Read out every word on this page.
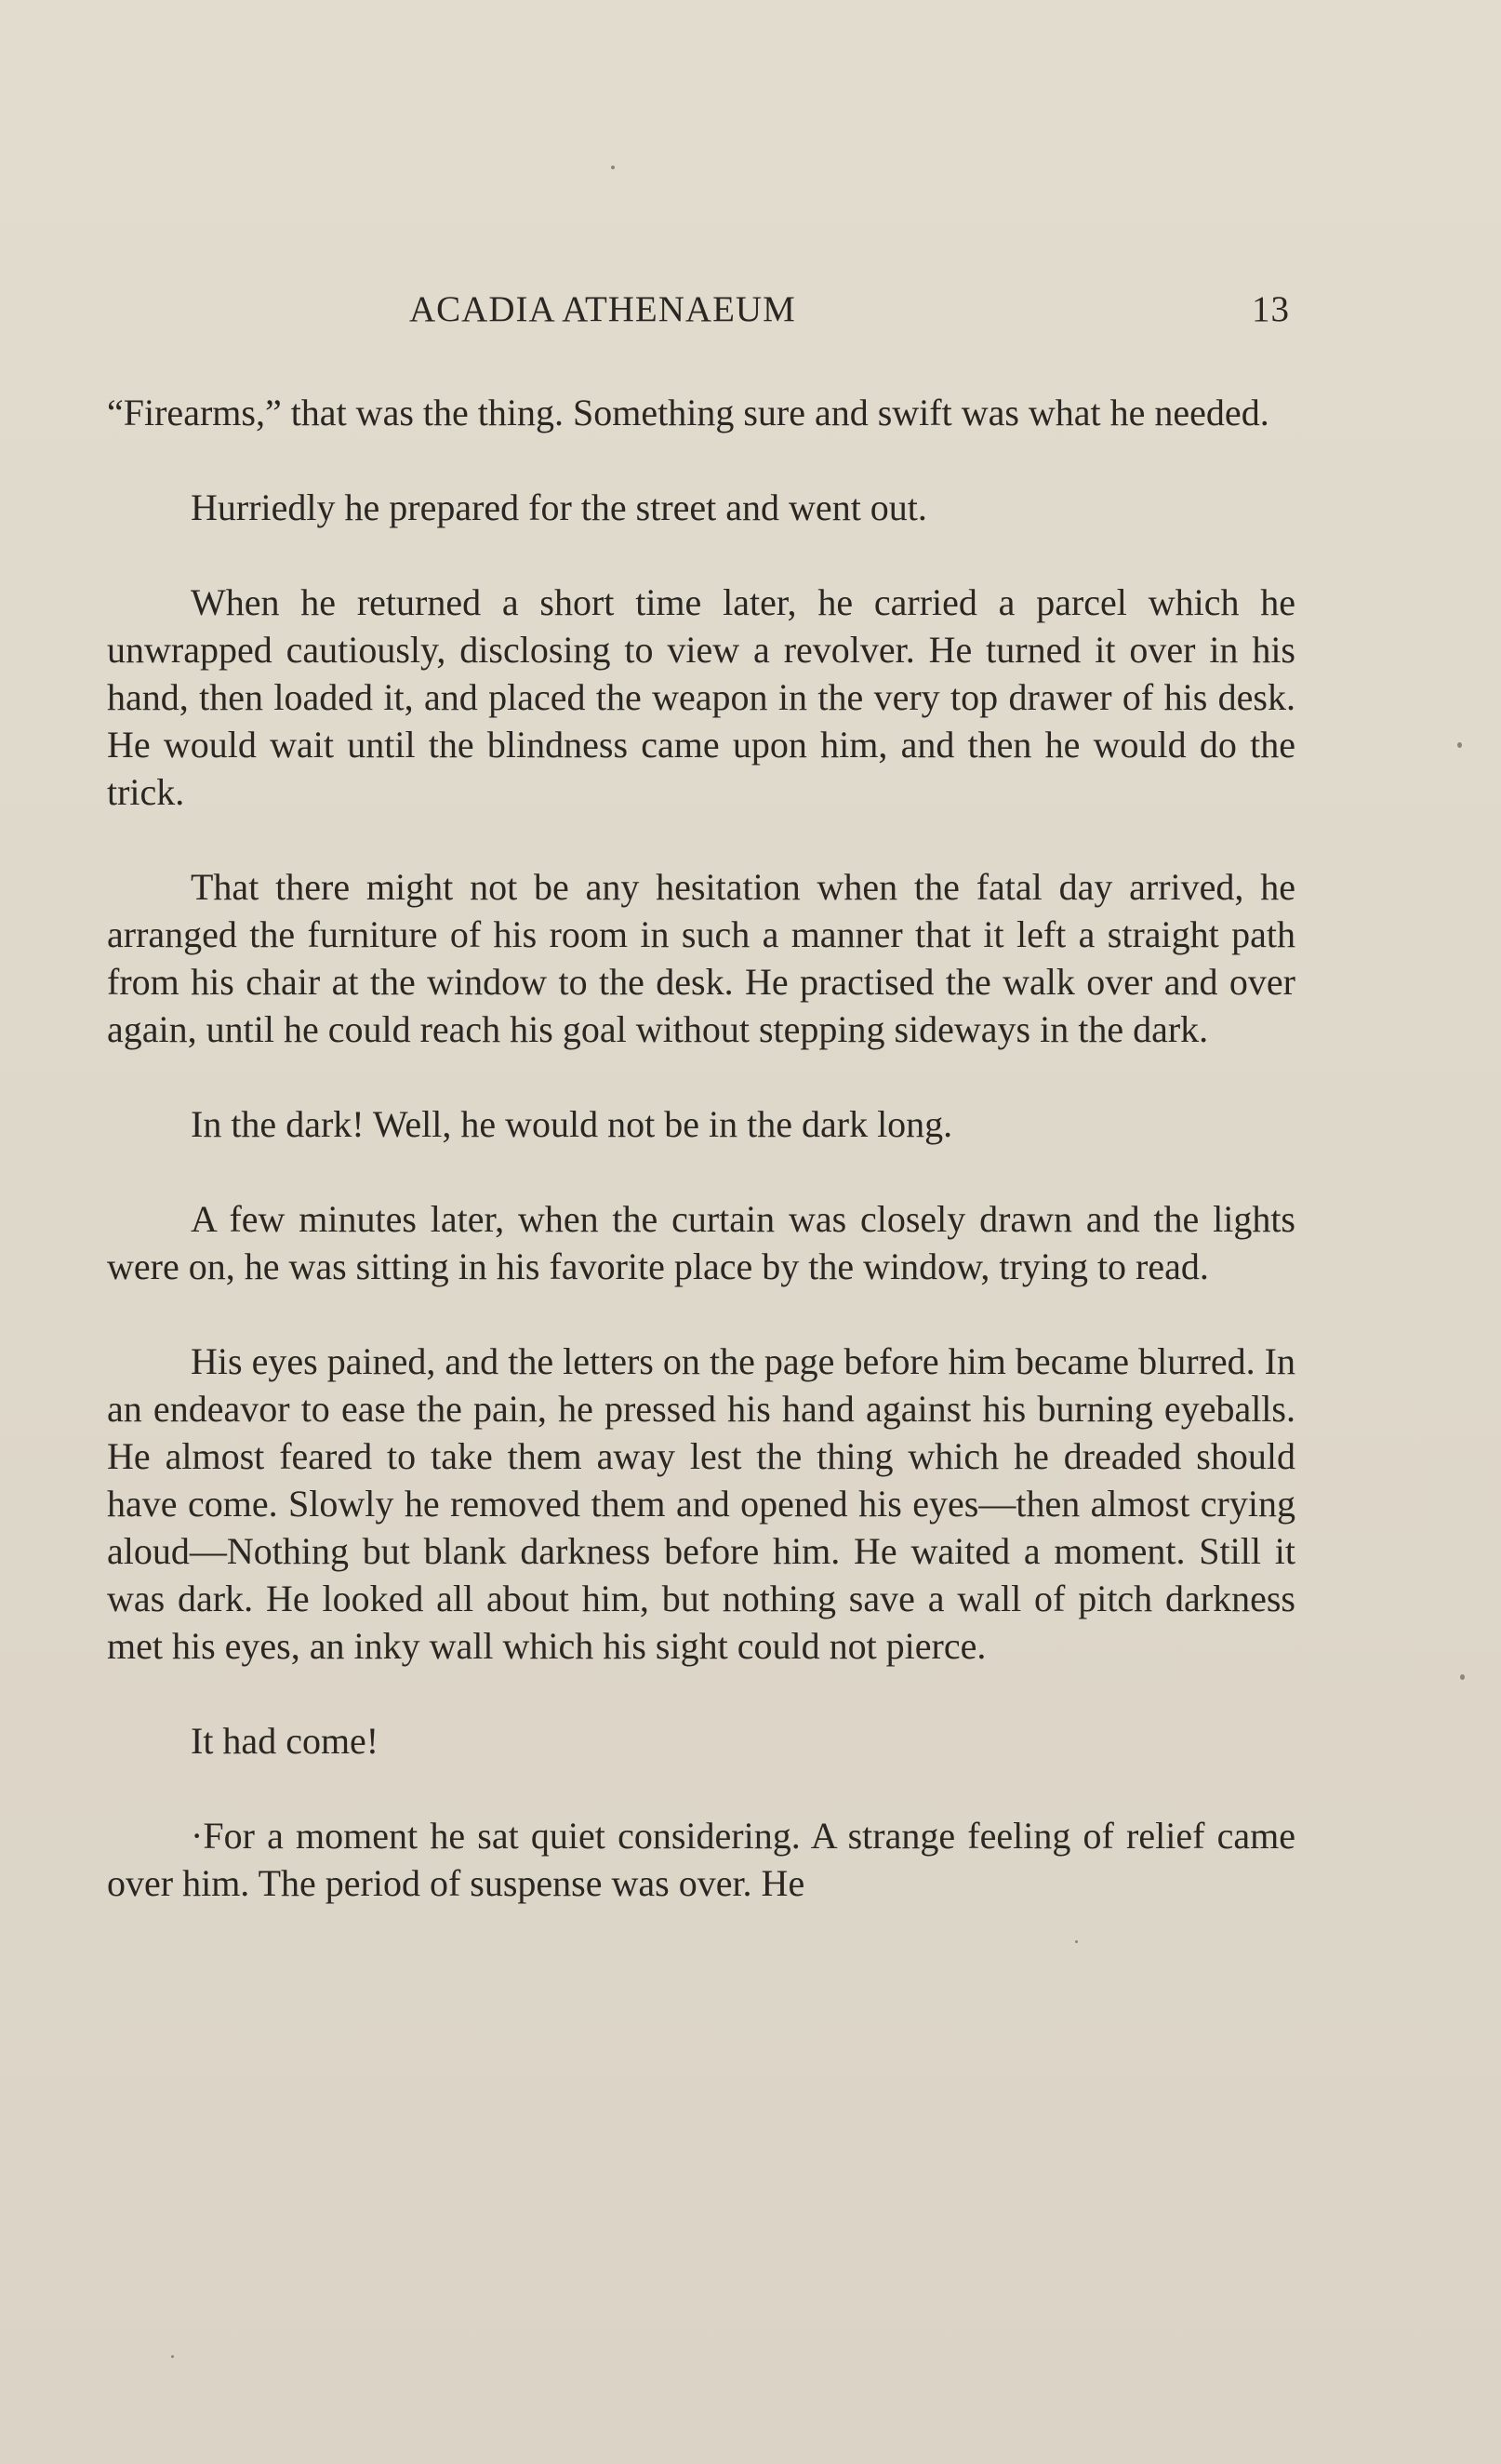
ACADIA ATHENAEUM	13

“Firearms,” that was the thing. Something sure and swift was what he needed.

Hurriedly he prepared for the street and went out.

When he returned a short time later, he carried a parcel which he unwrapped cautiously, disclosing to view a revolver. He turned it over in his hand, then loaded it, and placed the weapon in the very top drawer of his desk. He would wait until the blindness came upon him, and then he would do the trick.

That there might not be any hesitation when the fatal day arrived, he arranged the furniture of his room in such a manner that it left a straight path from his chair at the window to the desk. He practised the walk over and over again, until he could reach his goal without stepping sideways in the dark.

In the dark! Well, he would not be in the dark long.

A few minutes later, when the curtain was closely drawn and the lights were on, he was sitting in his favorite place by the window, trying to read.

His eyes pained, and the letters on the page before him became blurred. In an endeavor to ease the pain, he pressed his hand against his burning eyeballs. He almost feared to take them away lest the thing which he dreaded should have come. Slowly he removed them and opened his eyes—then almost crying aloud—Nothing but blank darkness before him. He waited a moment. Still it was dark. He looked all about him, but nothing save a wall of pitch darkness met his eyes, an inky wall which his sight could not pierce.

It had come!

·For a moment he sat quiet considering. A strange feeling of relief came over him. The period of suspense was over. He
